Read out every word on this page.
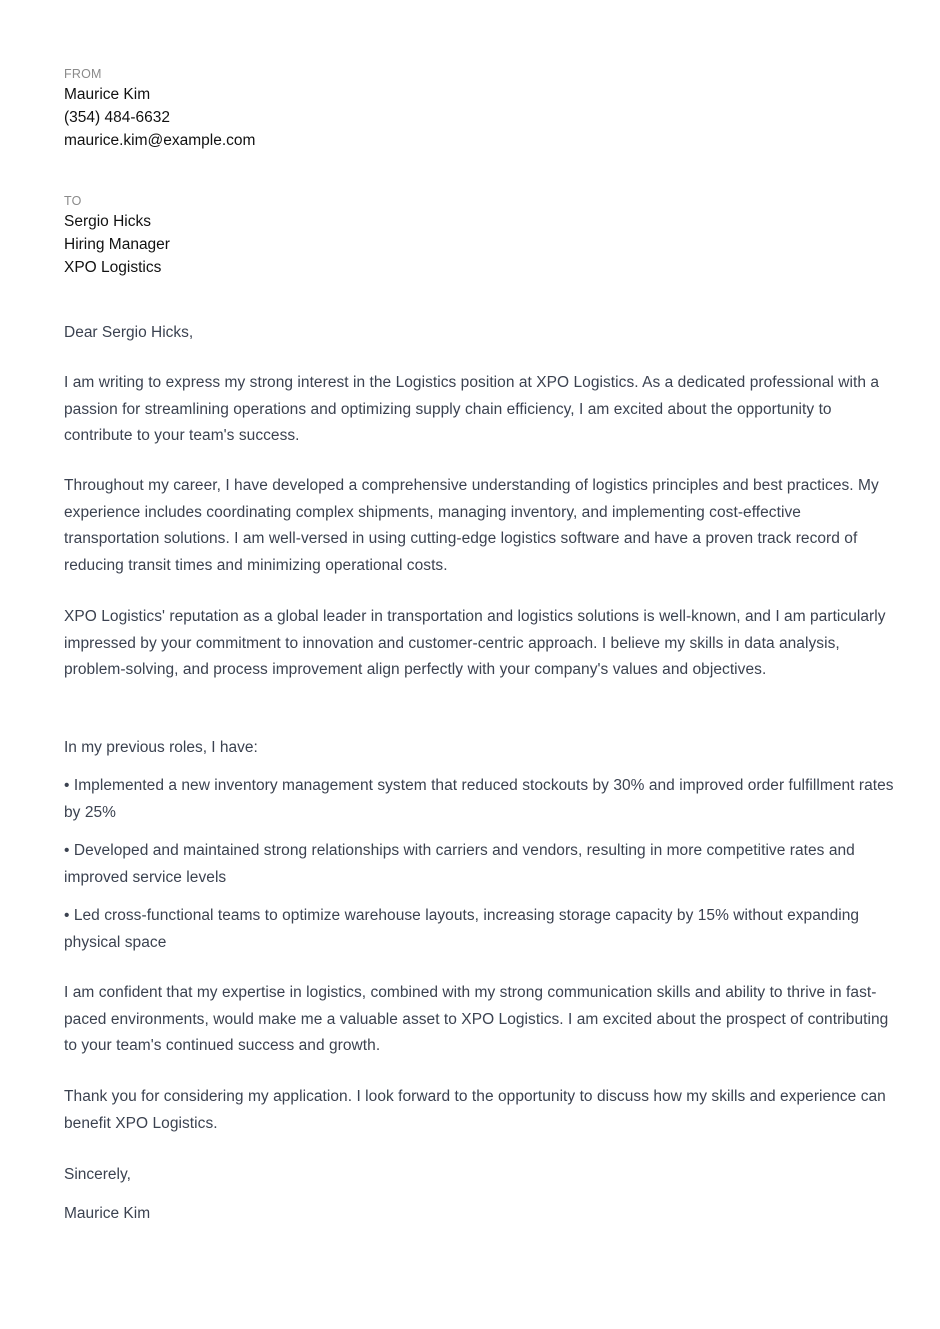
FROM
Maurice Kim
(354) 484-6632
maurice.kim@example.com
TO
Sergio Hicks
Hiring Manager
XPO Logistics
Dear Sergio Hicks,
I am writing to express my strong interest in the Logistics position at XPO Logistics. As a dedicated professional with a passion for streamlining operations and optimizing supply chain efficiency, I am excited about the opportunity to contribute to your team's success.
Throughout my career, I have developed a comprehensive understanding of logistics principles and best practices. My experience includes coordinating complex shipments, managing inventory, and implementing cost-effective transportation solutions. I am well-versed in using cutting-edge logistics software and have a proven track record of reducing transit times and minimizing operational costs.
XPO Logistics' reputation as a global leader in transportation and logistics solutions is well-known, and I am particularly impressed by your commitment to innovation and customer-centric approach. I believe my skills in data analysis, problem-solving, and process improvement align perfectly with your company's values and objectives.
In my previous roles, I have:
• Implemented a new inventory management system that reduced stockouts by 30% and improved order fulfillment rates by 25%
• Developed and maintained strong relationships with carriers and vendors, resulting in more competitive rates and improved service levels
• Led cross-functional teams to optimize warehouse layouts, increasing storage capacity by 15% without expanding physical space
I am confident that my expertise in logistics, combined with my strong communication skills and ability to thrive in fast-paced environments, would make me a valuable asset to XPO Logistics. I am excited about the prospect of contributing to your team's continued success and growth.
Thank you for considering my application. I look forward to the opportunity to discuss how my skills and experience can benefit XPO Logistics.
Sincerely,
Maurice Kim
